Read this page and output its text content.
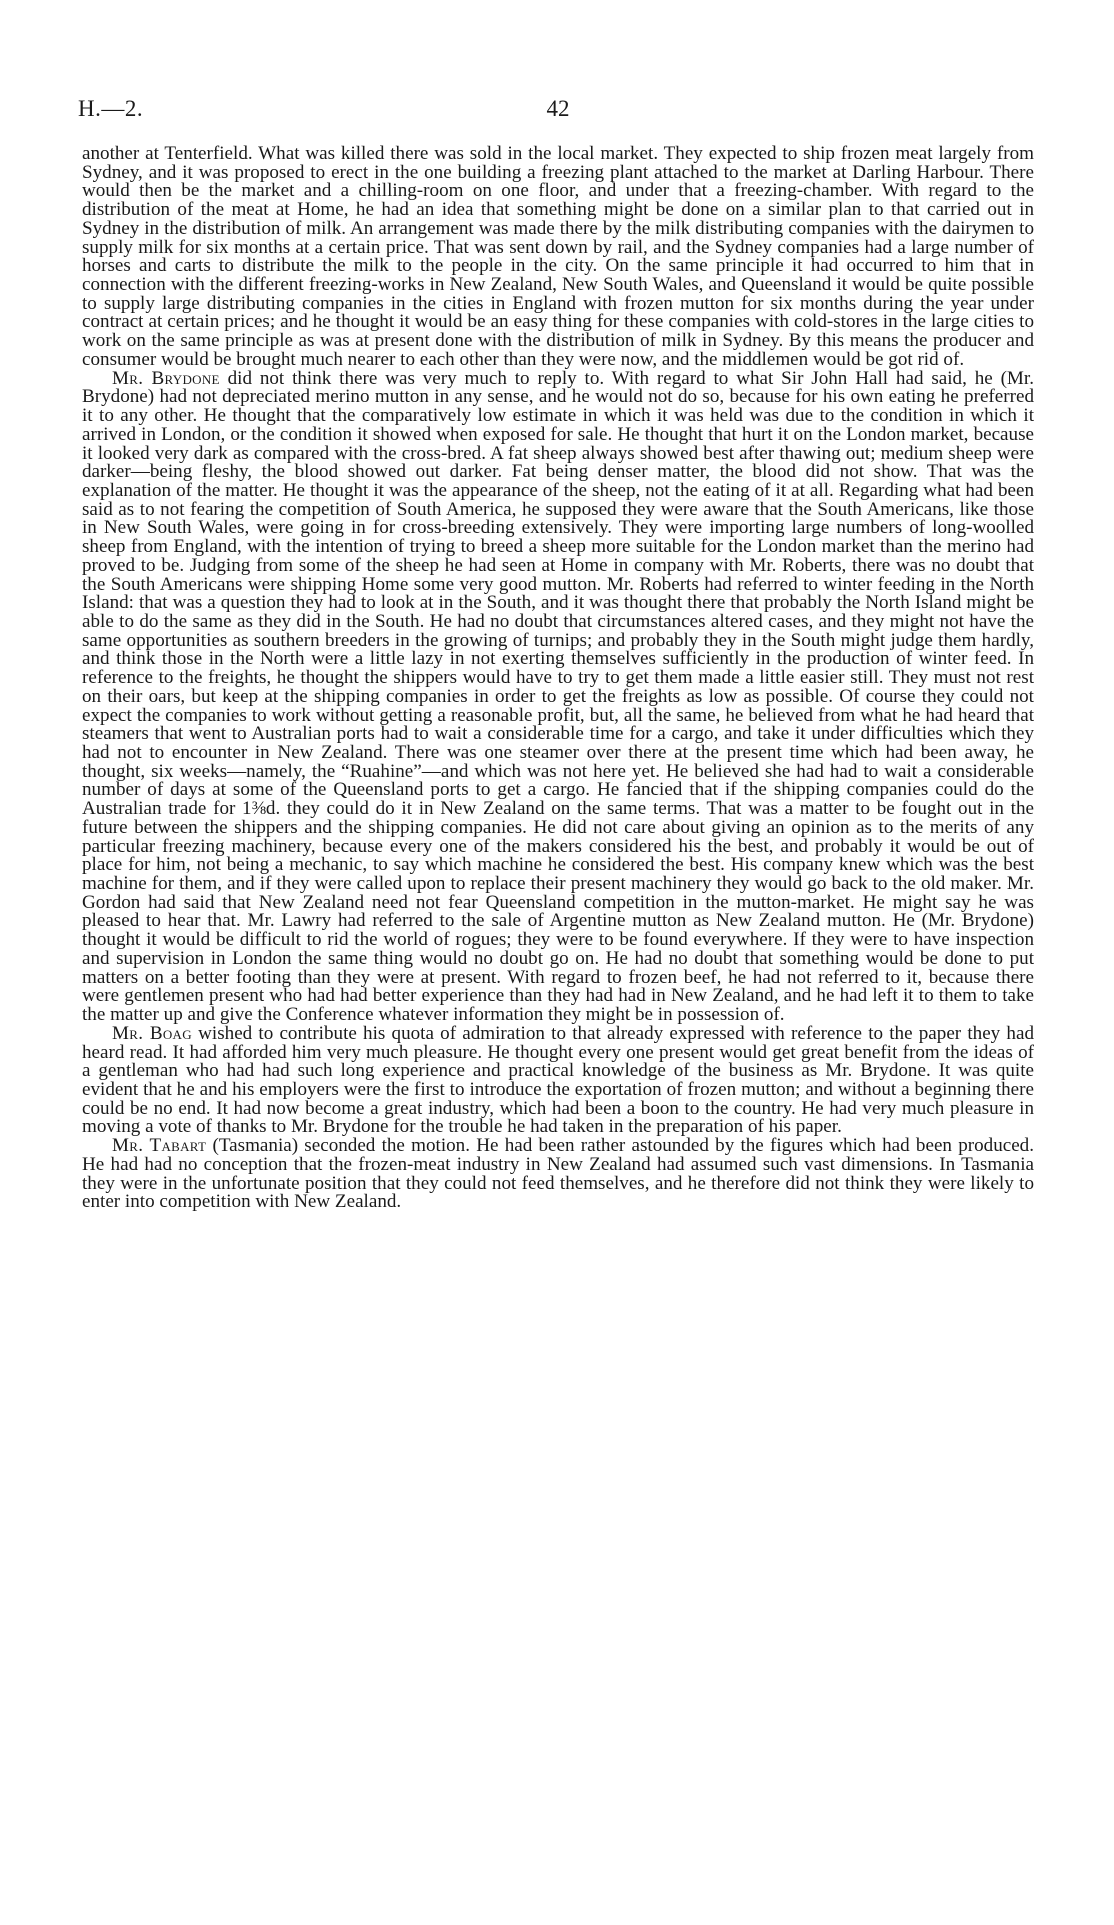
H.—2.	42

another at Tenterfield. What was killed there was sold in the local market. They expected to ship frozen meat largely from Sydney, and it was proposed to erect in the one building a freezing plant attached to the market at Darling Harbour. There would then be the market and a chilling-room on one floor, and under that a freezing-chamber. With regard to the distribution of the meat at Home, he had an idea that something might be done on a similar plan to that carried out in Sydney in the distribution of milk. An arrangement was made there by the milk distributing companies with the dairymen to supply milk for six months at a certain price. That was sent down by rail, and the Sydney companies had a large number of horses and carts to distribute the milk to the people in the city. On the same principle it had occurred to him that in connection with the different freezing-works in New Zealand, New South Wales, and Queensland it would be quite possible to supply large distributing companies in the cities in England with frozen mutton for six months during the year under contract at certain prices; and he thought it would be an easy thing for these companies with cold-stores in the large cities to work on the same principle as was at present done with the distribution of milk in Sydney. By this means the producer and consumer would be brought much nearer to each other than they were now, and the middlemen would be got rid of.

Mr. Brydone did not think there was very much to reply to. With regard to what Sir John Hall had said, he (Mr. Brydone) had not depreciated merino mutton in any sense, and he would not do so, because for his own eating he preferred it to any other. He thought that the comparatively low estimate in which it was held was due to the condition in which it arrived in London, or the condition it showed when exposed for sale. He thought that hurt it on the London market, because it looked very dark as compared with the cross-bred. A fat sheep always showed best after thawing out; medium sheep were darker—being fleshy, the blood showed out darker. Fat being denser matter, the blood did not show. That was the explanation of the matter. He thought it was the appearance of the sheep, not the eating of it at all. Regarding what had been said as to not fearing the competition of South America, he supposed they were aware that the South Americans, like those in New South Wales, were going in for cross-breeding extensively. They were importing large numbers of long-woolled sheep from England, with the intention of trying to breed a sheep more suitable for the London market than the merino had proved to be. Judging from some of the sheep he had seen at Home in company with Mr. Roberts, there was no doubt that the South Americans were shipping Home some very good mutton. Mr. Roberts had referred to winter feeding in the North Island: that was a question they had to look at in the South, and it was thought there that probably the North Island might be able to do the same as they did in the South. He had no doubt that circumstances altered cases, and they might not have the same opportunities as southern breeders in the growing of turnips; and probably they in the South might judge them hardly, and think those in the North were a little lazy in not exerting themselves sufficiently in the production of winter feed. In reference to the freights, he thought the shippers would have to try to get them made a little easier still. They must not rest on their oars, but keep at the shipping companies in order to get the freights as low as possible. Of course they could not expect the companies to work without getting a reasonable profit, but, all the same, he believed from what he had heard that steamers that went to Australian ports had to wait a considerable time for a cargo, and take it under difficulties which they had not to encounter in New Zealand. There was one steamer over there at the present time which had been away, he thought, six weeks—namely, the “Ruahine”—and which was not here yet. He believed she had had to wait a considerable number of days at some of the Queensland ports to get a cargo. He fancied that if the shipping companies could do the Australian trade for 1⅜d. they could do it in New Zealand on the same terms. That was a matter to be fought out in the future between the shippers and the shipping companies. He did not care about giving an opinion as to the merits of any particular freezing machinery, because every one of the makers considered his the best, and probably it would be out of place for him, not being a mechanic, to say which machine he considered the best. His company knew which was the best machine for them, and if they were called upon to replace their present machinery they would go back to the old maker. Mr. Gordon had said that New Zealand need not fear Queensland competition in the mutton-market. He might say he was pleased to hear that. Mr. Lawry had referred to the sale of Argentine mutton as New Zealand mutton. He (Mr. Brydone) thought it would be difficult to rid the world of rogues; they were to be found everywhere. If they were to have inspection and supervision in London the same thing would no doubt go on. He had no doubt that something would be done to put matters on a better footing than they were at present. With regard to frozen beef, he had not referred to it, because there were gentlemen present who had had better experience than they had had in New Zealand, and he had left it to them to take the matter up and give the Conference whatever information they might be in possession of.

Mr. Boag wished to contribute his quota of admiration to that already expressed with reference to the paper they had heard read. It had afforded him very much pleasure. He thought every one present would get great benefit from the ideas of a gentleman who had had such long experience and practical knowledge of the business as Mr. Brydone. It was quite evident that he and his employers were the first to introduce the exportation of frozen mutton; and without a beginning there could be no end. It had now become a great industry, which had been a boon to the country. He had very much pleasure in moving a vote of thanks to Mr. Brydone for the trouble he had taken in the preparation of his paper.

Mr. Tabart (Tasmania) seconded the motion. He had been rather astounded by the figures which had been produced. He had had no conception that the frozen-meat industry in New Zealand had assumed such vast dimensions. In Tasmania they were in the unfortunate position that they could not feed themselves, and he therefore did not think they were likely to enter into competition with New Zealand.
